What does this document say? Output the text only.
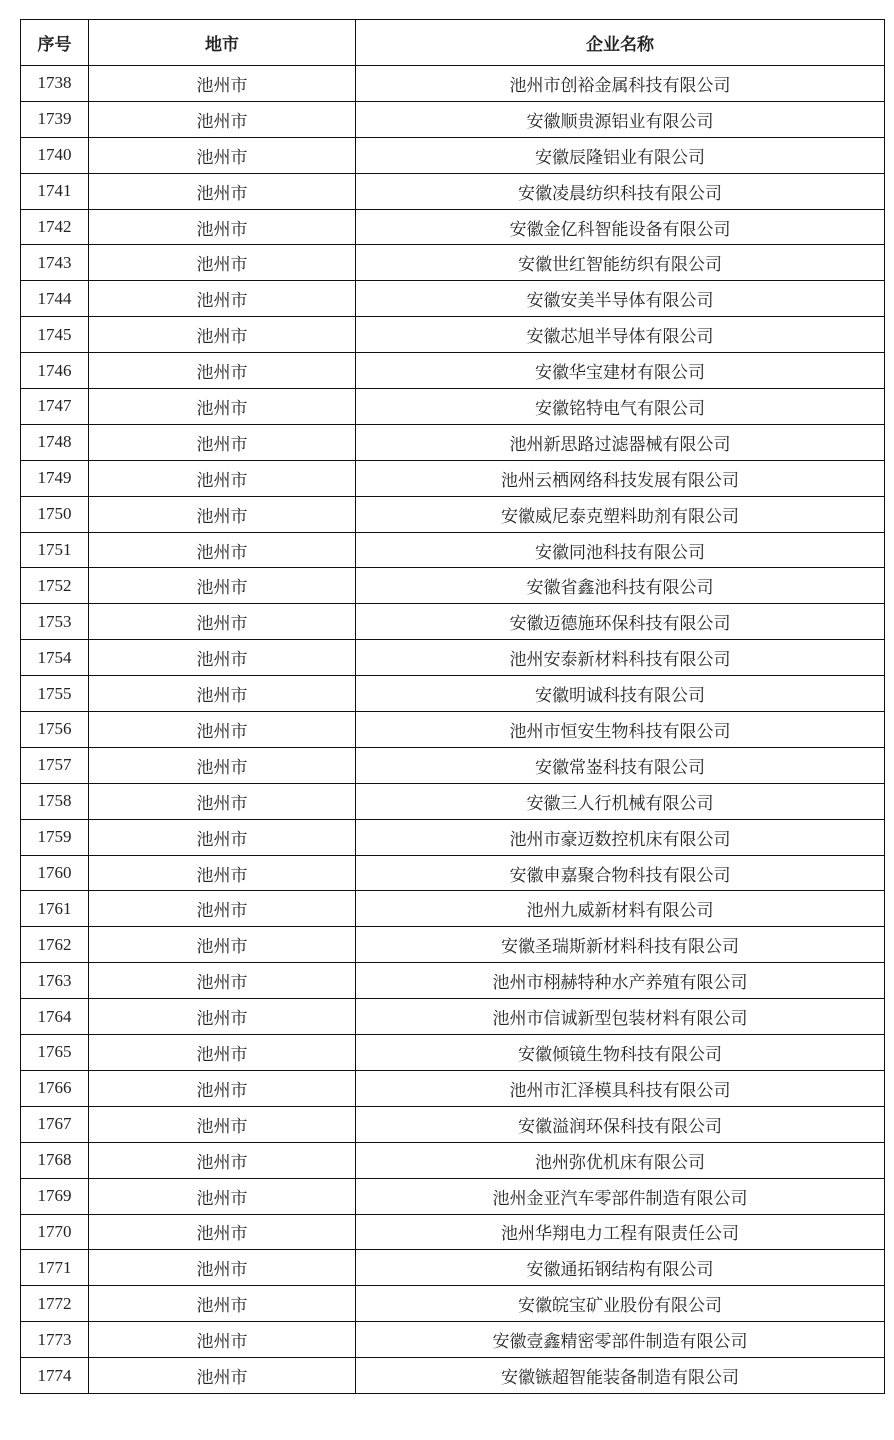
序号	地市	企业名称
1738	池州市	池州市创裕金属科技有限公司
1739	池州市	安徽顺贵源铝业有限公司
1740	池州市	安徽辰隆铝业有限公司
1741	池州市	安徽凌晨纺织科技有限公司
1742	池州市	安徽金亿科智能设备有限公司
1743	池州市	安徽世红智能纺织有限公司
1744	池州市	安徽安美半导体有限公司
1745	池州市	安徽芯旭半导体有限公司
1746	池州市	安徽华宝建材有限公司
1747	池州市	安徽铭特电气有限公司
1748	池州市	池州新思路过滤器械有限公司
1749	池州市	池州云栖网络科技发展有限公司
1750	池州市	安徽威尼泰克塑料助剂有限公司
1751	池州市	安徽同池科技有限公司
1752	池州市	安徽省鑫池科技有限公司
1753	池州市	安徽迈德施环保科技有限公司
1754	池州市	池州安泰新材料科技有限公司
1755	池州市	安徽明诚科技有限公司
1756	池州市	池州市恒安生物科技有限公司
1757	池州市	安徽常崟科技有限公司
1758	池州市	安徽三人行机械有限公司
1759	池州市	池州市豪迈数控机床有限公司
1760	池州市	安徽申嘉聚合物科技有限公司
1761	池州市	池州九威新材料有限公司
1762	池州市	安徽圣瑞斯新材料科技有限公司
1763	池州市	池州市栩赫特种水产养殖有限公司
1764	池州市	池州市信诚新型包装材料有限公司
1765	池州市	安徽倾镜生物科技有限公司
1766	池州市	池州市汇泽模具科技有限公司
1767	池州市	安徽溢润环保科技有限公司
1768	池州市	池州弥优机床有限公司
1769	池州市	池州金亚汽车零部件制造有限公司
1770	池州市	池州华翔电力工程有限责任公司
1771	池州市	安徽通拓钢结构有限公司
1772	池州市	安徽皖宝矿业股份有限公司
1773	池州市	安徽壹鑫精密零部件制造有限公司
1774	池州市	安徽镞超智能装备制造有限公司
